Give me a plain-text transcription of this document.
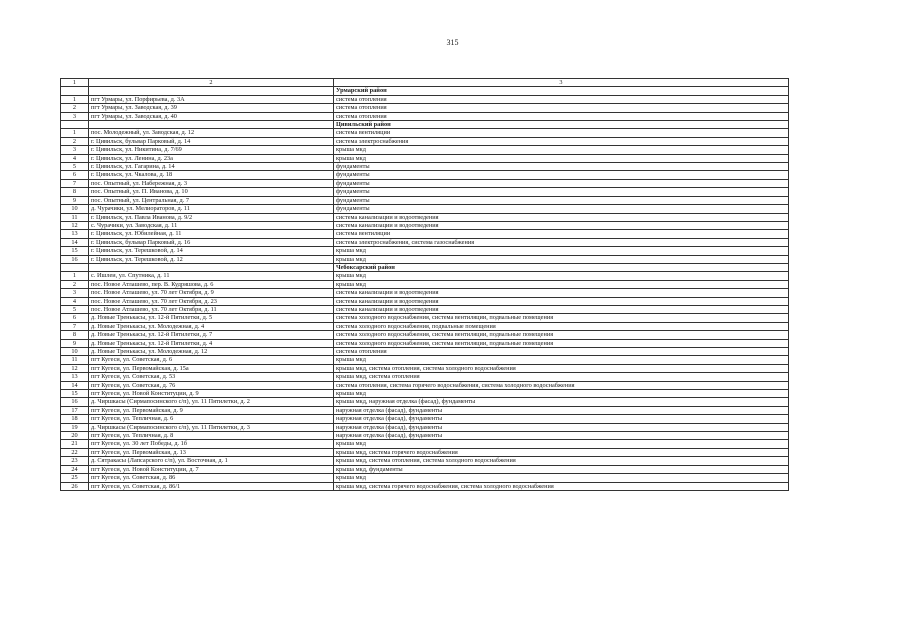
315
1	2	3
		Урмарский район
1	пгт Урмары, ул. Порфирьева, д. 3А	система отопления
2	пгт Урмары, ул. Заводская, д. 39	система отопления
3	пгт Урмары, ул. Заводская, д. 40	система отопления
		Цивильский район
1	пос. Молодежный, ул. Заводская, д. 12	система вентиляции
2	г. Цивильск, бульвар Парковый, д. 14	система электроснабжения
3	г. Цивильск, ул. Никитина, д. 7/69	крыша мкд
4	г. Цивильск, ул. Ленина, д. 23а	крыша мкд
5	г. Цивильск, ул. Гагарина, д. 14	фундаменты
6	г. Цивильск, ул. Чкалова, д. 18	фундаменты
7	пос. Опытный, ул. Набережная, д. 3	фундаменты
8	пос. Опытный, ул. П. Иванова, д. 10	фундаменты
9	пос. Опытный, ул. Центральная, д. 7	фундаменты
10	д. Чурачики, ул. Мелиораторов, д. 11	фундаменты
11	г. Цивильск, ул. Павла Иванова, д. 9/2	система канализации и водоотведения
12	с. Чурачики, ул. Заводская, д. 11	система канализации и водоотведения
13	г. Цивильск, ул. Юбилейная, д. 11	система вентиляции
14	г. Цивильск, бульвар Парковый, д. 16	система электроснабжения, система газоснабжения
15	г. Цивильск, ул. Терешковой, д. 14	крыша мкд
16	г. Цивильск, ул. Терешковой, д. 12	крыша мкд
		Чебоксарский район
1	с. Ишлеи, ул. Спутника, д. 11	крыша мкд
2	пос. Новое Атлашево, пер. В. Кудряшова, д. 6	крыша мкд
3	пос. Новое Атлашево, ул. 70 лет Октября, д. 9	система канализации и водоотведения
4	пос. Новое Атлашево, ул. 70 лет Октября, д. 23	система канализации и водоотведения
5	пос. Новое Атлашево, ул. 70 лет Октября, д. 11	система канализации и водоотведения
6	д. Новые Тренькасы, ул. 12-й Пятилетки, д. 5	система холодного водоснабжения, система вентиляции, подвальные помещения
7	д. Новые Тренькасы, ул. Молодежная, д. 4	система холодного водоснабжения, подвальные помещения
8	д. Новые Тренькасы, ул. 12-й Пятилетки, д. 7	система холодного водоснабжения, система вентиляции, подвальные помещения
9	д. Новые Тренькасы, ул. 12-й Пятилетки, д. 4	система холодного водоснабжения, система вентиляции, подвальные помещения
10	д. Новые Тренькасы, ул. Молодежная, д. 12	система отопления
11	пгт Кугеси, ул. Советская, д. 6	крыша мкд
12	пгт Кугеси, ул. Первомайская, д. 15а	крыша мкд, система отопления, система холодного водоснабжения
13	пгт Кугеси, ул. Советская, д. 53	крыша мкд, система отопления
14	пгт Кугеси, ул. Советская, д. 76	система отопления, система горячего водоснабжения, система холодного водоснабжения
15	пгт Кугеси, ул. Новой Конституции, д. 9	крыша мкд
16	д. Чиршкасы (Сирмапосинского с/п), ул. 11 Пятилетки, д. 2	крыша мкд, наружная отделка (фасад), фундаменты
17	пгт Кугеси, ул. Первомайская, д. 9	наружная отделка (фасад), фундаменты
18	пгт Кугеси, ул. Тепличная, д. 6	наружная отделка (фасад), фундаменты
19	д. Чиршкасы (Сирмапосинского с/п), ул. 11 Пятилетки, д. 3	наружная отделка (фасад), фундаменты
20	пгт Кугеси, ул. Тепличная, д. 8	наружная отделка (фасад), фундаменты
21	пгт Кугеси, ул. 30 лет Победы, д. 1б	крыша мкд
22	пгт Кугеси, ул. Первомайская, д. 13	крыша мкд, система горячего водоснабжения
23	д. Сятракасы (Лапсарского с/п), ул. Восточная, д. 1	крыша мкд, система отопления, система холодного водоснабжения
24	пгт Кугеси, ул. Новой Конституции, д. 7	крыша мкд, фундаменты
25	пгт Кугеси, ул. Советская, д. 86	крыша мкд
26	пгт Кугеси, ул. Советская, д. 86/1	крыша мкд, система горячего водоснабжения, система холодного водоснабжения
